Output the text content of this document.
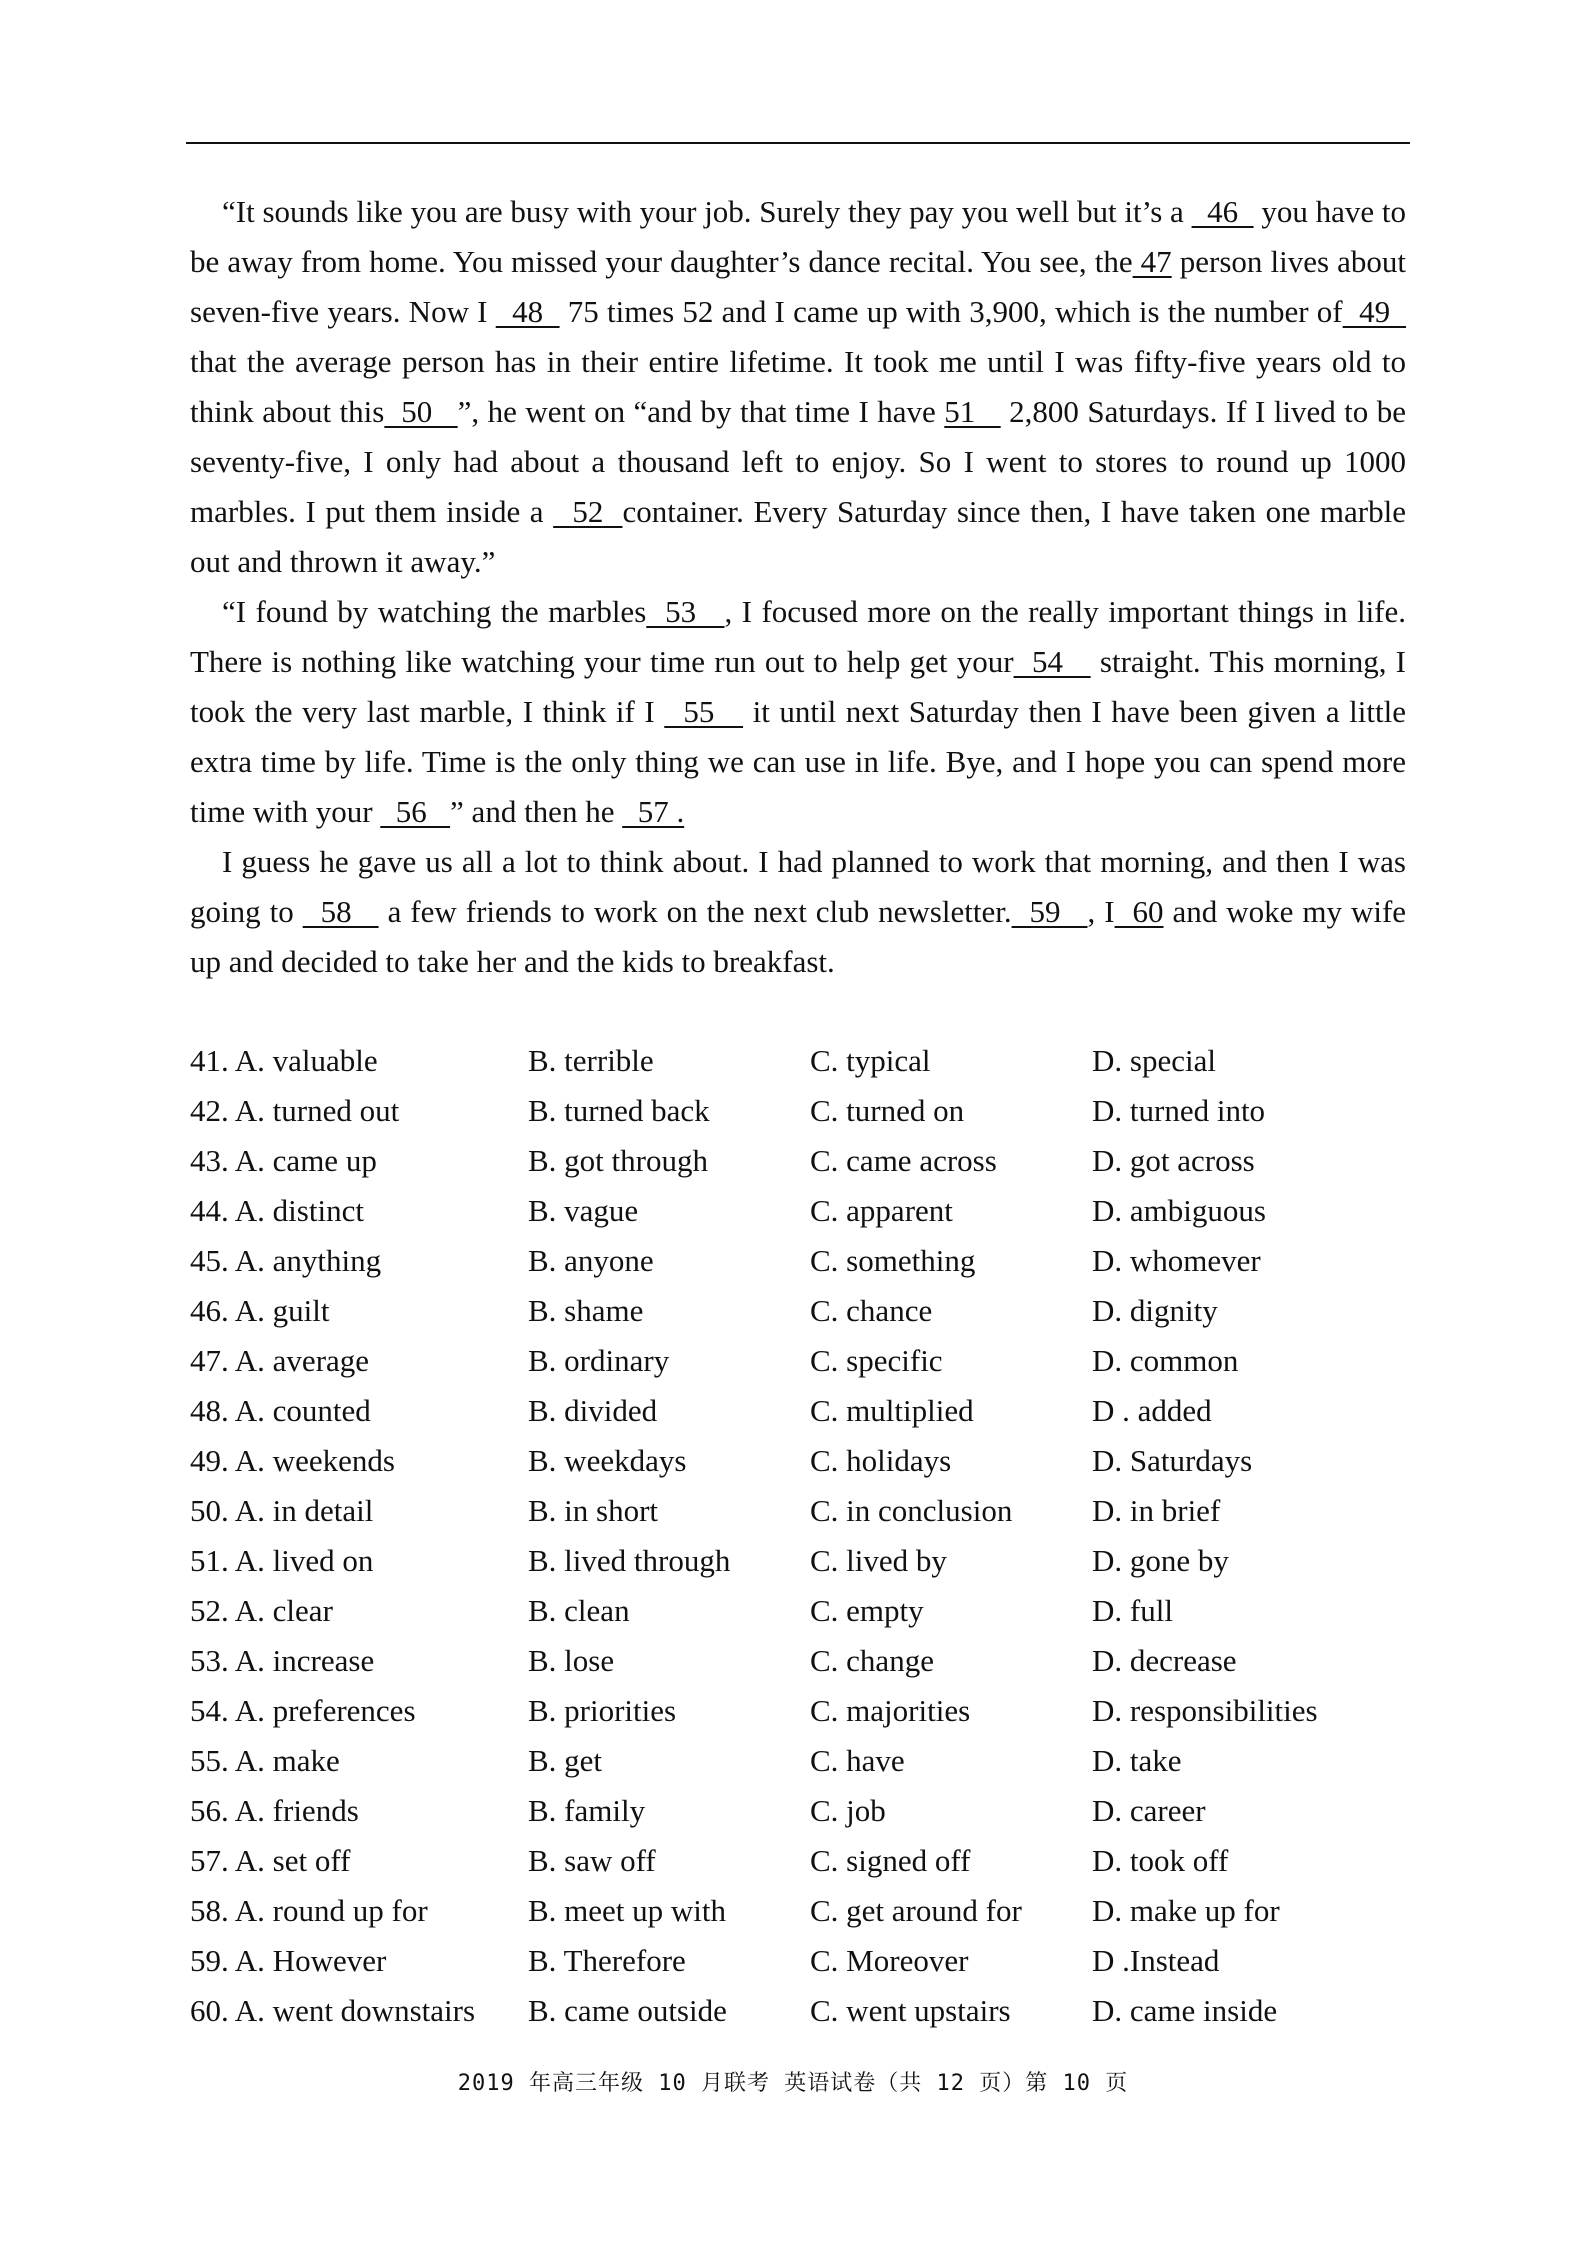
“It sounds like you are busy with your job. Surely they pay you well but it’s a   46   you have to be away from home. You missed your daughter’s dance recital. You see, the 47 person lives about seven-five years. Now I   48   75 times 52 and I came up with 3,900, which is the number of  49   that the average person has in their entire lifetime. It took me until I was fifty-five years old to think about this  50   ”, he went on “and by that time I have 51    2,800 Saturdays. If I lived to be seventy-five, I only had about a thousand left to enjoy. So I went to stores to round up 1000 marbles. I put them inside a   52  container. Every Saturday since then, I have taken one marble out and thrown it away.”

“I found by watching the marbles  53   , I focused more on the really important things in life. There is nothing like watching your time run out to help get your  54    straight. This morning, I took the very last marble, I think if I   55    it until next Saturday then I have been given a little extra time by life. Time is the only thing we can use in life. Bye, and I hope you can spend more time with your   56   ” and then he   57 .

I guess he gave us all a lot to think about. I had planned to work that morning, and then I was going to   58    a few friends to work on the next club newsletter.  59   , I  60 and woke my wife up and decided to take her and the kids to breakfast.

41. A. valuable	B. terrible	C. typical	D. special
42. A. turned out	B. turned back	C. turned on	D. turned into
43. A. came up	B. got through	C. came across	D. got across
44. A. distinct	B. vague	C. apparent	D. ambiguous
45. A. anything	B. anyone	C. something	D. whomever
46. A. guilt	B. shame	C. chance	D. dignity
47. A. average	B. ordinary	C. specific	D. common
48. A. counted	B. divided	C. multiplied	D . added
49. A. weekends	B. weekdays	C. holidays	D. Saturdays
50. A. in detail	B. in short	C. in conclusion	D. in brief
51. A. lived on	B. lived through	C. lived by	D. gone by
52. A. clear	B. clean	C. empty	D. full
53. A. increase	B. lose	C. change	D. decrease
54. A. preferences	B. priorities	C. majorities	D. responsibilities
55. A. make	B. get	C. have	D. take
56. A. friends	B. family	C. job	D. career
57. A. set off	B. saw off	C. signed off	D. took off
58. A. round up for	B. meet up with	C. get around for	D. make up for
59. A. However	B. Therefore	C. Moreover	D .Instead
60. A. went downstairs	B. came outside	C. went upstairs	D. came inside
2019 年高三年级 10 月联考 英语试卷（共 12 页）第 10 页
